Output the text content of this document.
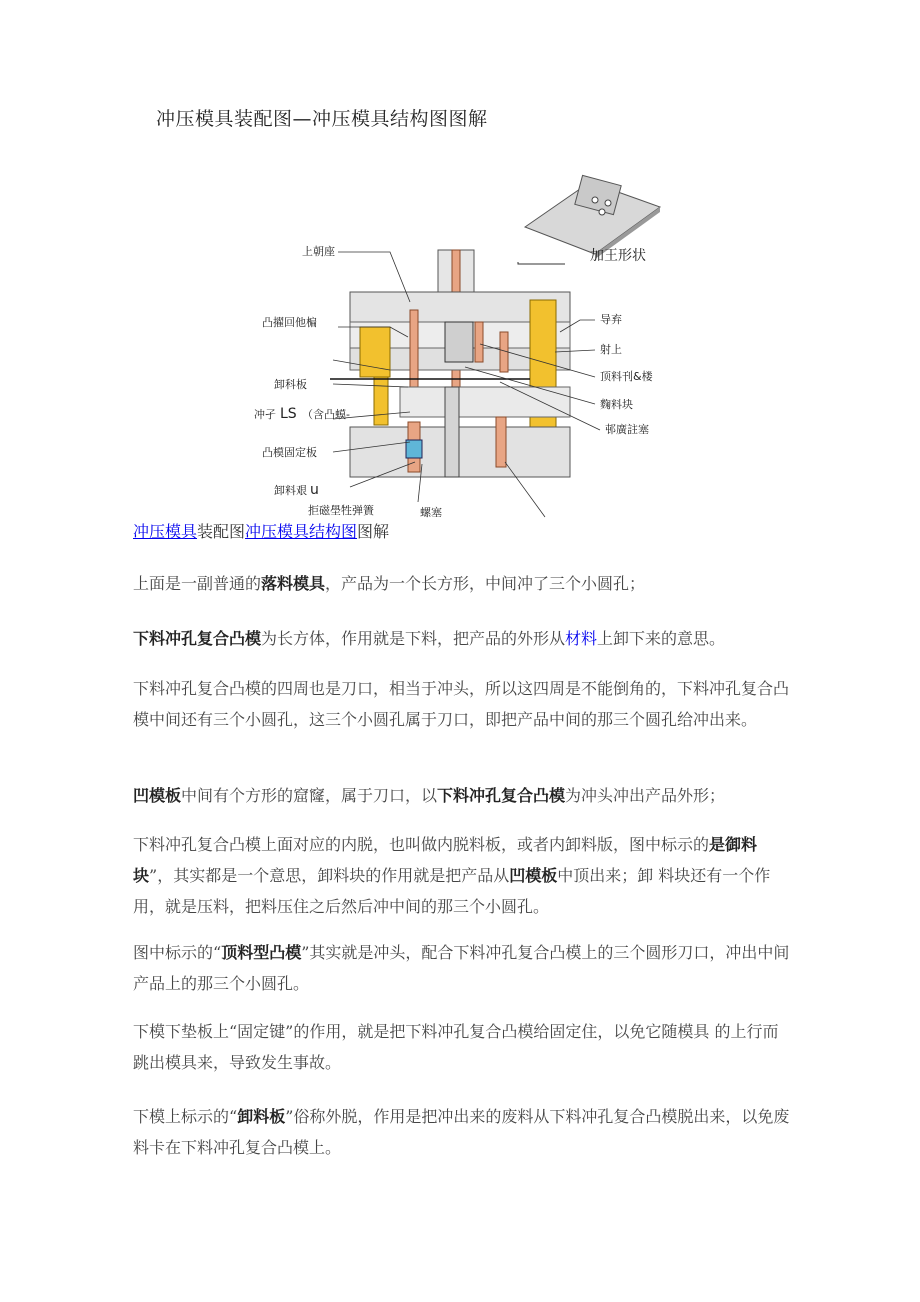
冲压模具装配图—冲压模具结构图图解
加王形状
上朝座
凸擢回他楄
卸科板
冲孑 LS （含凸蟆-
凸模固定板
卸料艰 u
拒磁壆牲弹簀	螺塞
导弃
射上
顶料刊&楼
麴料块
邨廣註塞
冲压模具装配图冲压模具结构图图解

上面是一副普通的落料模具，产品为一个长方形，中间冲了三个小圆孔；

下料冲孔复合凸模为长方体，作用就是下料，把产品的外形从材料上卸下来的意思。

下料冲孔复合凸模的四周也是刀口，相当于冲头，所以这四周是不能倒角的，下料冲孔复合凸模中间还有三个小圆孔，这三个小圆孔属于刀口，即把产品中间的那三个圆孔给冲出来。

凹模板中间有个方形的窟窿，属于刀口，以下料冲孔复合凸模为冲头冲出产品外形；

下料冲孔复合凸模上面对应的内脱，也叫做内脱料板，或者内卸料版，图中标示的是御料块”，其实都是一个意思，卸料块的作用就是把产品从凹模板中顶出来；卸 料块还有一个作用，就是压料，把料压住之后然后冲中间的那三个小圆孔。

图中标示的“顶料型凸模”其实就是冲头，配合下料冲孔复合凸模上的三个圆形刀口，冲出中间产品上的那三个小圆孔。

下模下垫板上“固定键”的作用，就是把下料冲孔复合凸模给固定住，以免它随模具 的上行而跳出模具来，导致发生事故。

下模上标示的“卸料板”俗称外脱，作用是把冲出来的废料从下料冲孔复合凸模脱出来，以免废料卡在下料冲孔复合凸模上。
